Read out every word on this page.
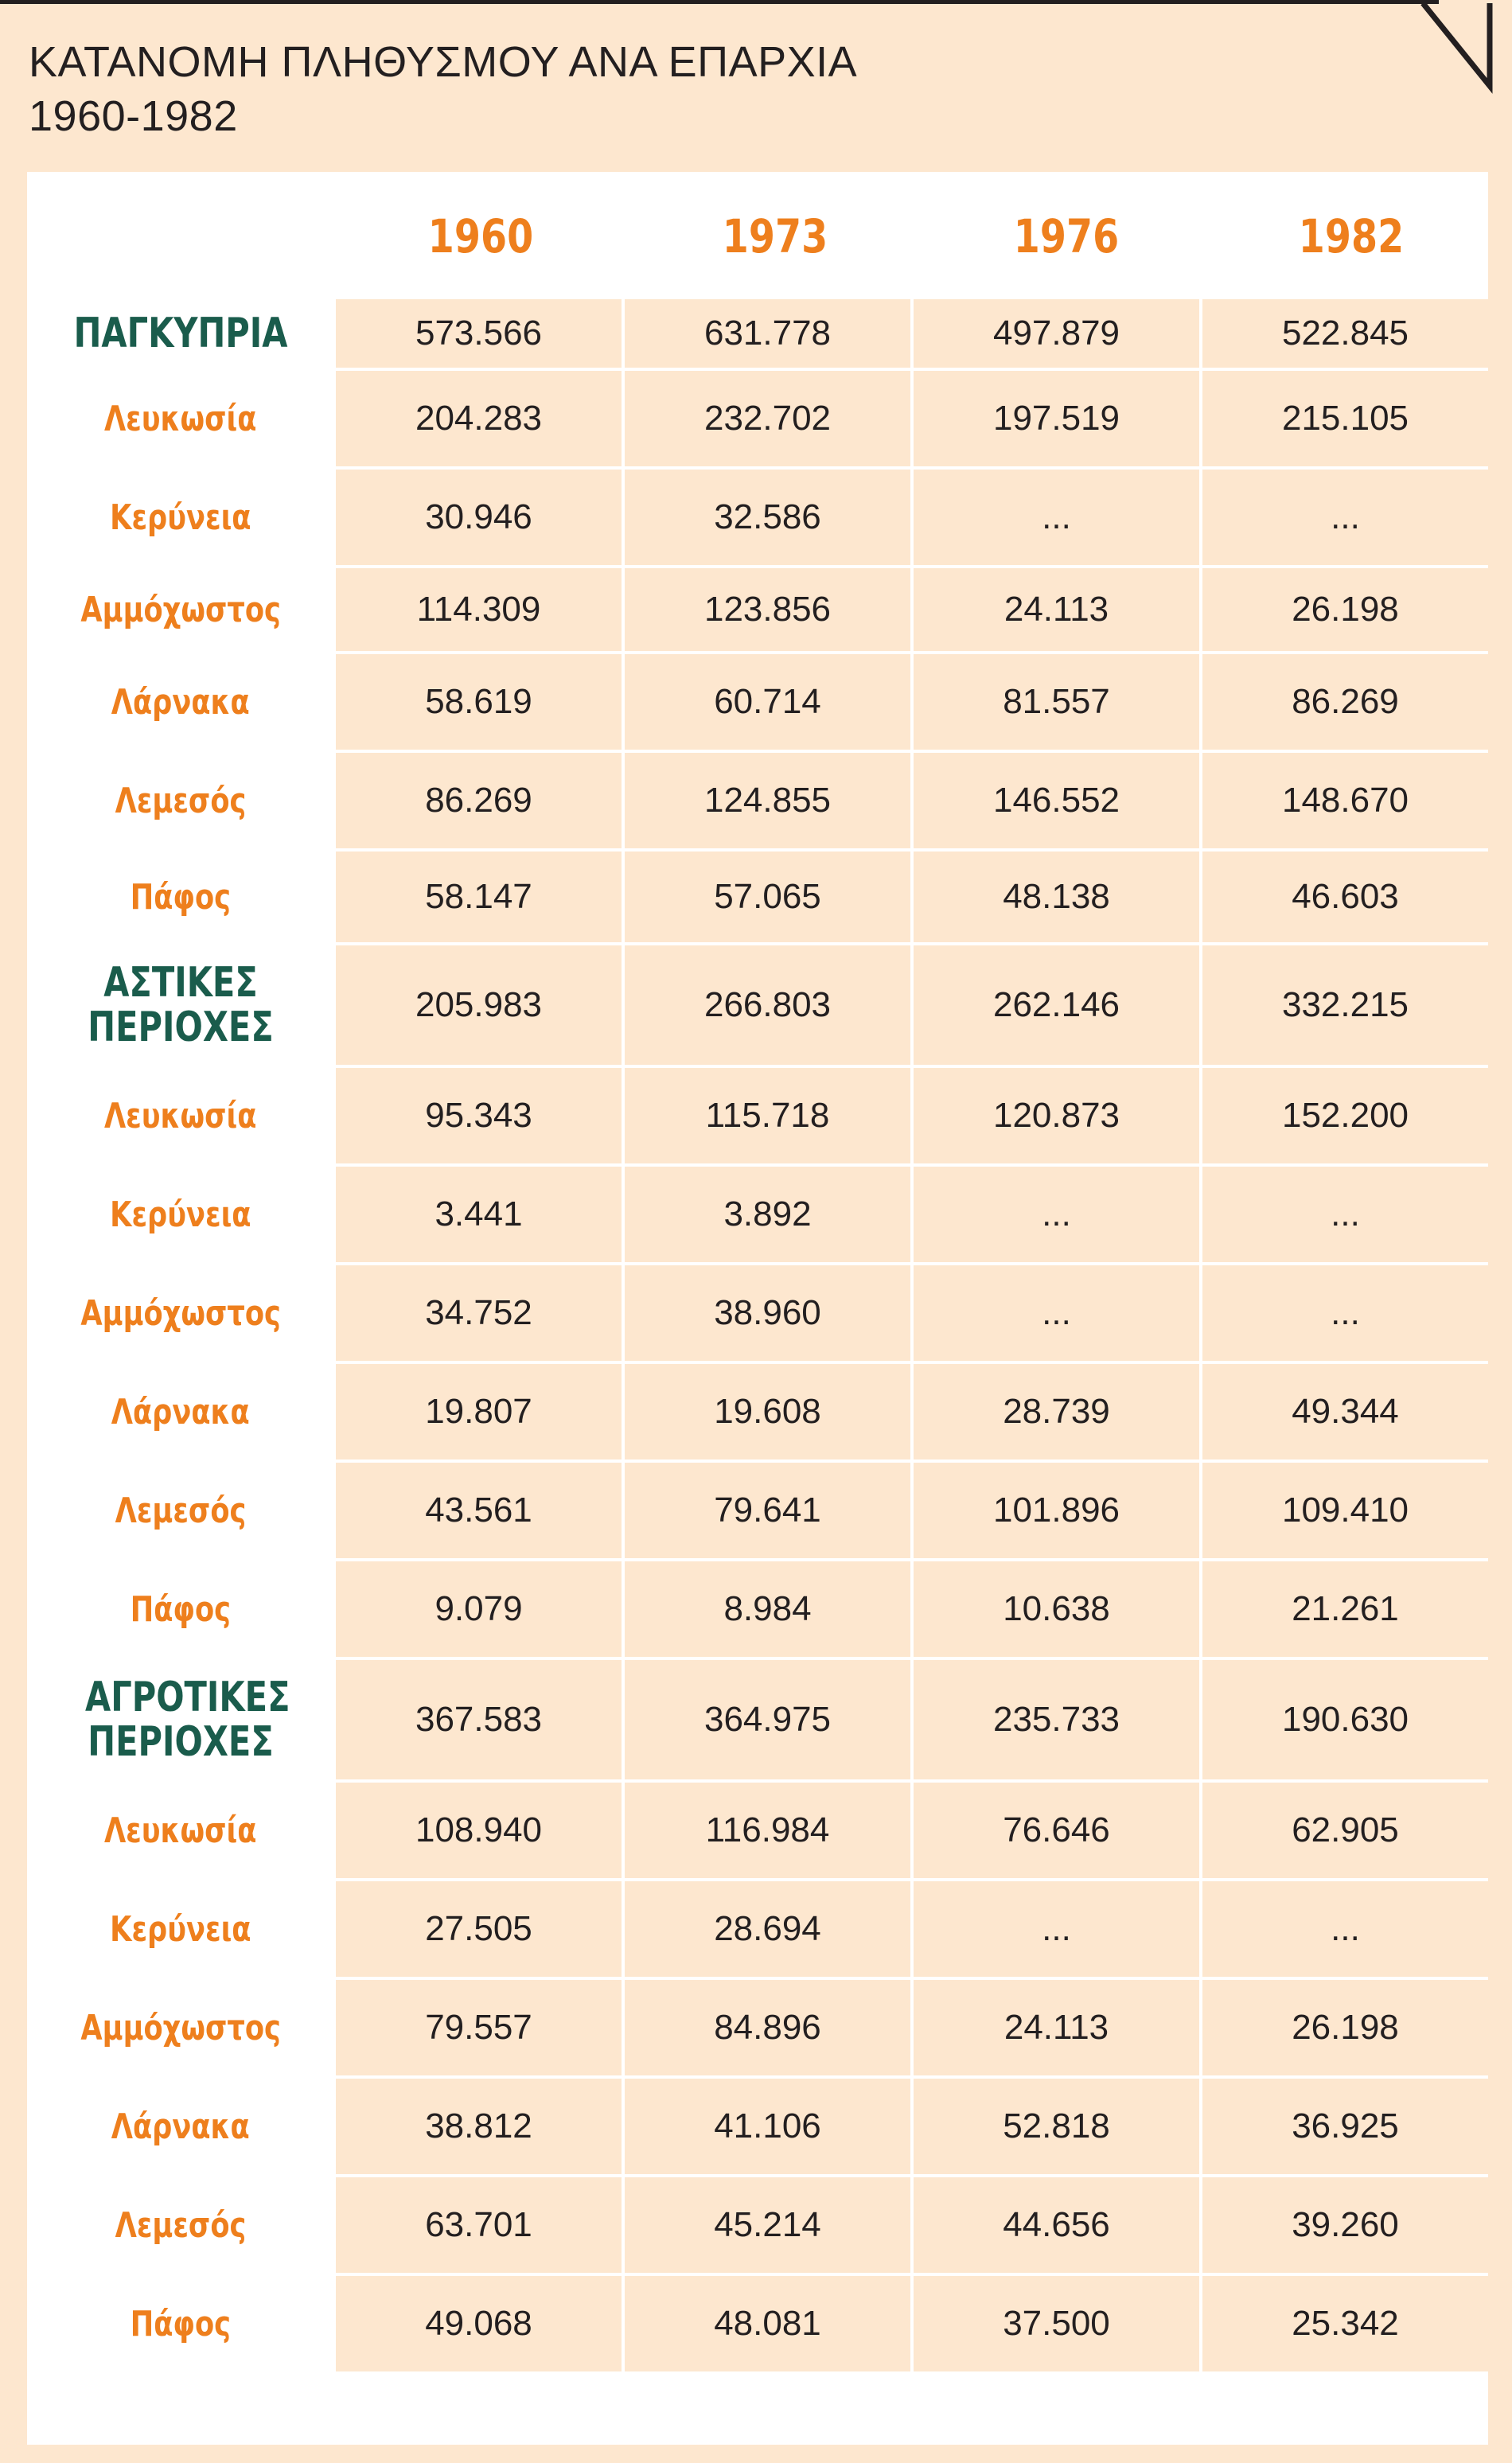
ΚΑΤΑΝΟΜΗ ΠΛΗΘΥΣΜΟΥ ΑΝΑ ΕΠΑΡΧΙΑ
1960-1982
1960	1973	1976	1982
ΠΑΓΚΥΠΡΙΑ	573.566	631.778	497.879	522.845
Λευκωσία	204.283	232.702	197.519	215.105
Κερύνεια	30.946	32.586	...	...
Αμμόχωστος	114.309	123.856	24.113	26.198
Λάρνακα	58.619	60.714	81.557	86.269
Λεμεσός	86.269	124.855	146.552	148.670
Πάφος	58.147	57.065	48.138	46.603
ΑΣΤΙΚΕΣ ΠΕΡΙΟΧΕΣ	205.983	266.803	262.146	332.215
Λευκωσία	95.343	115.718	120.873	152.200
Κερύνεια	3.441	3.892	...	...
Αμμόχωστος	34.752	38.960	...	...
Λάρνακα	19.807	19.608	28.739	49.344
Λεμεσός	43.561	79.641	101.896	109.410
Πάφος	9.079	8.984	10.638	21.261
ΑΓΡΟΤΙΚΕΣ ΠΕΡΙΟΧΕΣ	367.583	364.975	235.733	190.630
Λευκωσία	108.940	116.984	76.646	62.905
Κερύνεια	27.505	28.694	...	...
Αμμόχωστος	79.557	84.896	24.113	26.198
Λάρνακα	38.812	41.106	52.818	36.925
Λεμεσός	63.701	45.214	44.656	39.260
Πάφος	49.068	48.081	37.500	25.342
